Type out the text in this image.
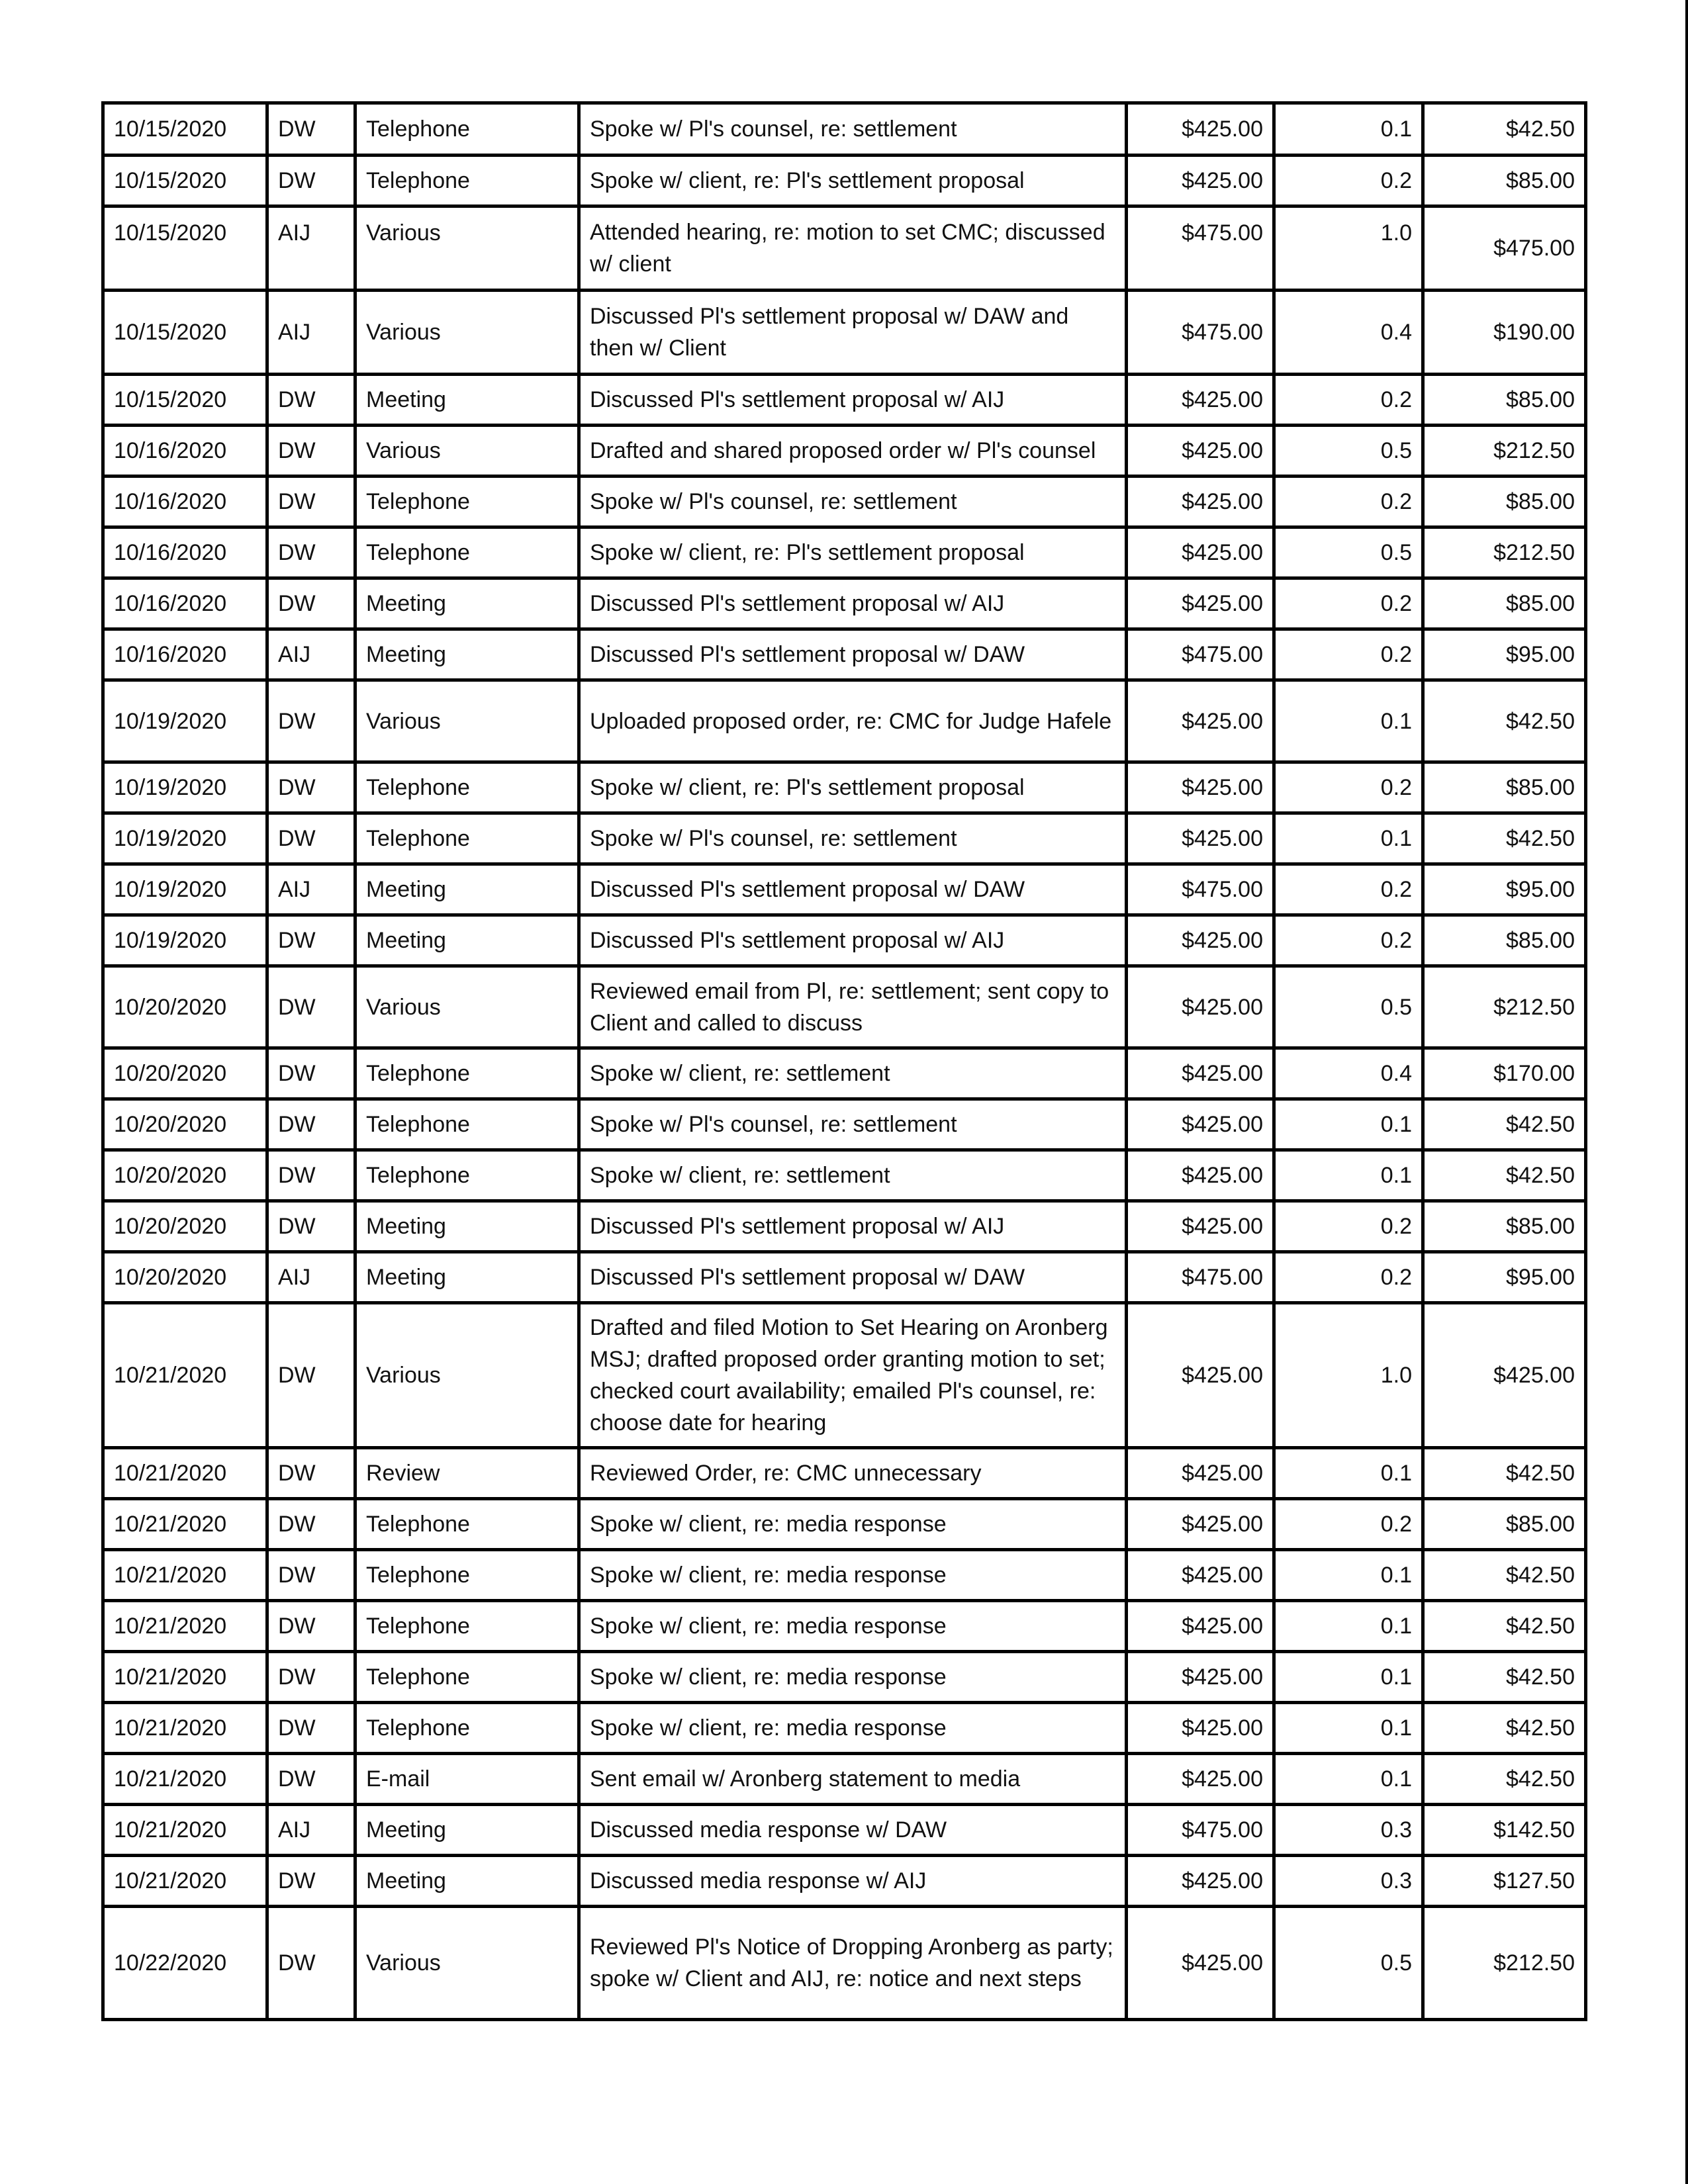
10/15/2020	DW	Telephone	Spoke w/ Pl's counsel, re: settlement	$425.00	0.1	$42.50
10/15/2020	DW	Telephone	Spoke w/ client, re: Pl's settlement proposal	$425.00	0.2	$85.00
10/15/2020	AIJ	Various	Attended hearing, re: motion to set CMC; discussed w/ client	$475.00	1.0	$475.00
10/15/2020	AIJ	Various	Discussed Pl's settlement proposal w/ DAW and then w/ Client	$475.00	0.4	$190.00
10/15/2020	DW	Meeting	Discussed Pl's settlement proposal w/ AIJ	$425.00	0.2	$85.00
10/16/2020	DW	Various	Drafted and shared proposed order w/ Pl's counsel	$425.00	0.5	$212.50
10/16/2020	DW	Telephone	Spoke w/ Pl's counsel, re: settlement	$425.00	0.2	$85.00
10/16/2020	DW	Telephone	Spoke w/ client, re: Pl's settlement proposal	$425.00	0.5	$212.50
10/16/2020	DW	Meeting	Discussed Pl's settlement proposal w/ AIJ	$425.00	0.2	$85.00
10/16/2020	AIJ	Meeting	Discussed Pl's settlement proposal w/ DAW	$475.00	0.2	$95.00
10/19/2020	DW	Various	Uploaded proposed order, re: CMC for Judge Hafele	$425.00	0.1	$42.50
10/19/2020	DW	Telephone	Spoke w/ client, re: Pl's settlement proposal	$425.00	0.2	$85.00
10/19/2020	DW	Telephone	Spoke w/ Pl's counsel, re: settlement	$425.00	0.1	$42.50
10/19/2020	AIJ	Meeting	Discussed Pl's settlement proposal w/ DAW	$475.00	0.2	$95.00
10/19/2020	DW	Meeting	Discussed Pl's settlement proposal w/ AIJ	$425.00	0.2	$85.00
10/20/2020	DW	Various	Reviewed email from Pl, re: settlement; sent copy to Client and called to discuss	$425.00	0.5	$212.50
10/20/2020	DW	Telephone	Spoke w/ client, re: settlement	$425.00	0.4	$170.00
10/20/2020	DW	Telephone	Spoke w/ Pl's counsel, re: settlement	$425.00	0.1	$42.50
10/20/2020	DW	Telephone	Spoke w/ client, re: settlement	$425.00	0.1	$42.50
10/20/2020	DW	Meeting	Discussed Pl's settlement proposal w/ AIJ	$425.00	0.2	$85.00
10/20/2020	AIJ	Meeting	Discussed Pl's settlement proposal w/ DAW	$475.00	0.2	$95.00
10/21/2020	DW	Various	Drafted and filed Motion to Set Hearing on Aronberg MSJ; drafted proposed order granting motion to set; checked court availability; emailed Pl's counsel, re: choose date for hearing	$425.00	1.0	$425.00
10/21/2020	DW	Review	Reviewed Order, re: CMC unnecessary	$425.00	0.1	$42.50
10/21/2020	DW	Telephone	Spoke w/ client, re: media response	$425.00	0.2	$85.00
10/21/2020	DW	Telephone	Spoke w/ client, re: media response	$425.00	0.1	$42.50
10/21/2020	DW	Telephone	Spoke w/ client, re: media response	$425.00	0.1	$42.50
10/21/2020	DW	Telephone	Spoke w/ client, re: media response	$425.00	0.1	$42.50
10/21/2020	DW	Telephone	Spoke w/ client, re: media response	$425.00	0.1	$42.50
10/21/2020	DW	E-mail	Sent email w/ Aronberg statement to media	$425.00	0.1	$42.50
10/21/2020	AIJ	Meeting	Discussed media response w/ DAW	$475.00	0.3	$142.50
10/21/2020	DW	Meeting	Discussed media response w/ AIJ	$425.00	0.3	$127.50
10/22/2020	DW	Various	Reviewed Pl's Notice of Dropping Aronberg as party; spoke w/ Client and AIJ, re: notice and next steps	$425.00	0.5	$212.50
